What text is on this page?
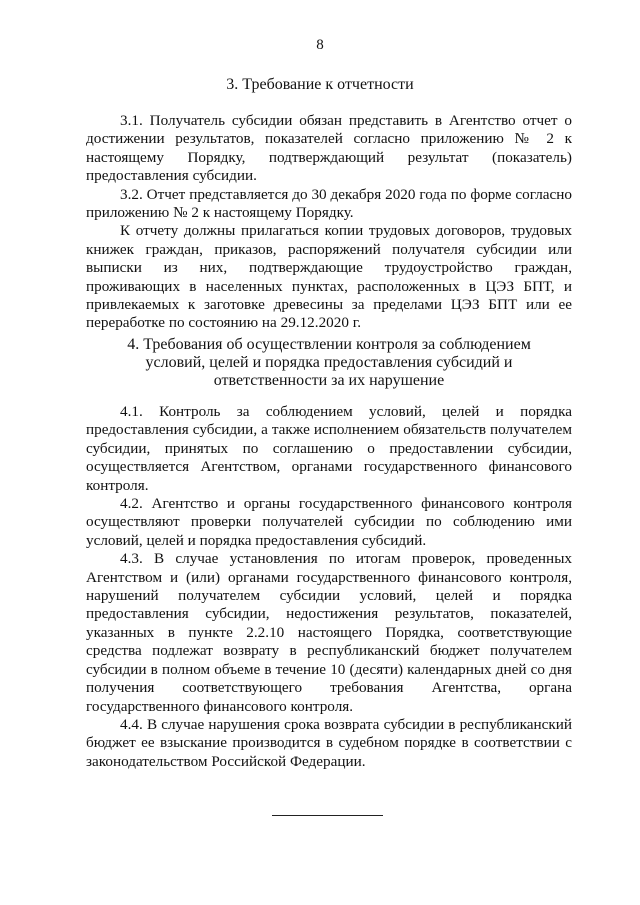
8
3. Требование к отчетности

3.1. Получатель субсидии обязан представить в Агентство отчет о достижении результатов, показателей согласно приложению № 2 к настоящему Порядку, подтверждающий результат (показатель) предоставления субсидии.

3.2. Отчет представляется до 30 декабря 2020 года по форме согласно приложению № 2 к настоящему Порядку.

К отчету должны прилагаться копии трудовых договоров, трудовых книжек граждан, приказов, распоряжений получателя субсидии или выписки из них, подтверждающие трудоустройство граждан, проживающих в населенных пунктах, расположенных в ЦЭЗ БПТ, и привлекаемых к заготовке древесины за пределами ЦЭЗ БПТ или ее переработке по состоянию на 29.12.2020 г.

4. Требования об осуществлении контроля за соблюдением
условий, целей и порядка предоставления субсидий и
ответственности за их нарушение

4.1. Контроль за соблюдением условий, целей и порядка предоставления субсидии, а также исполнением обязательств получателем субсидии, принятых по соглашению о предоставлении субсидии, осуществляется Агентством, органами государственного финансового контроля.

4.2. Агентство и органы государственного финансового контроля осуществляют проверки получателей субсидии по соблюдению ими условий, целей и порядка предоставления субсидий.

4.3. В случае установления по итогам проверок, проведенных Агентством и (или) органами государственного финансового контроля, нарушений получателем субсидии условий, целей и порядка предоставления субсидии, недостижения результатов, показателей, указанных в пункте 2.2.10 настоящего Порядка, соответствующие средства подлежат возврату в республиканский бюджет получателем субсидии в полном объеме в течение 10 (десяти) календарных дней со дня получения соответствующего требования Агентства, органа государственного финансового контроля.

4.4. В случае нарушения срока возврата субсидии в республиканский бюджет ее взыскание производится в судебном порядке в соответствии с законодательством Российской Федерации.
